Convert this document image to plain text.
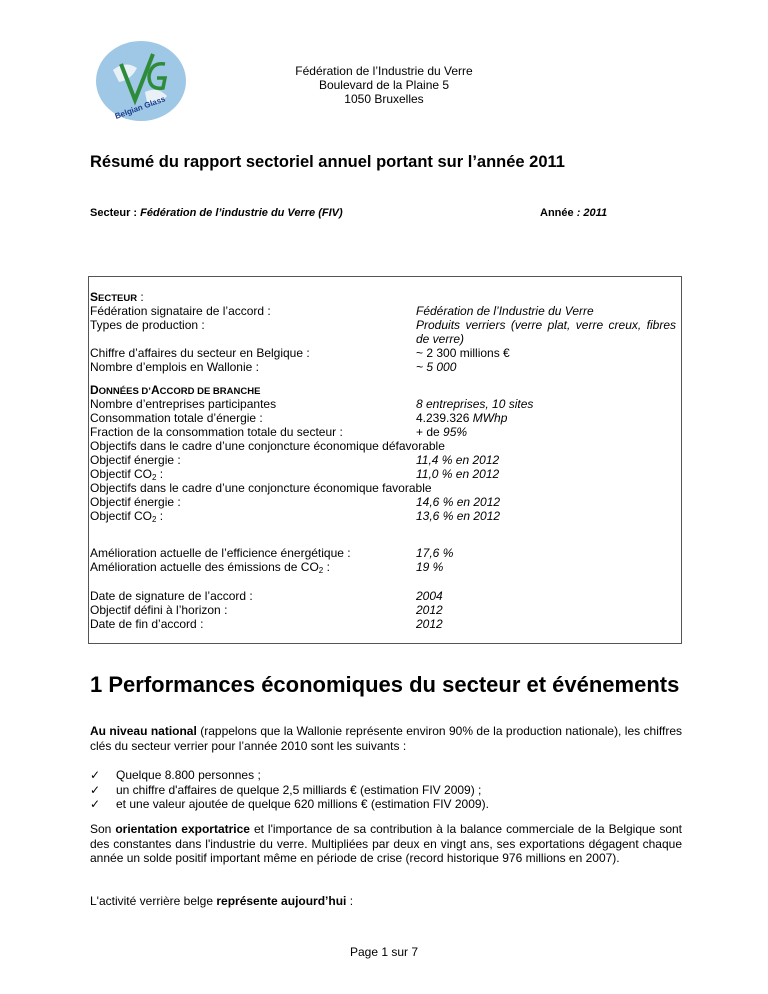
Belgian Glass
Fédération de l’Industrie du Verre
Boulevard de la Plaine 5
1050 Bruxelles
Résumé du rapport sectoriel annuel portant sur l’année 2011
Secteur : Fédération de l’industrie du Verre (FIV)	Année : 2011
SECTEUR :
Fédération signataire de l’accord :	Fédération de l’Industrie du Verre
Types de production :	Produits verriers (verre plat, verre creux, fibres de verre)
Chiffre d’affaires du secteur en Belgique :	~ 2 300 millions €
Nombre d’emplois en Wallonie :	~ 5 000
DONNÉES D’ACCORD DE BRANCHE
Nombre d’entreprises participantes	8 entreprises, 10 sites
Consommation totale d’énergie :	4.239.326 MWhp
Fraction de la consommation totale du secteur :	+ de 95%
Objectifs dans le cadre d’une conjoncture économique défavorable
Objectif énergie :	11,4 % en 2012
Objectif $CO_2$ :	11,0 % en 2012
Objectifs dans le cadre d’une conjoncture économique favorable
Objectif énergie :	14,6 % en 2012
Objectif $CO_2$ :	13,6 % en 2012
Amélioration actuelle de l’efficience énergétique :	17,6 %
Amélioration actuelle des émissions de $CO_2$ :	19 %
Date de signature de l’accord :	2004
Objectif défini à l’horizon :	2012
Date de fin d’accord :	2012
1 Performances économiques du secteur et événements
Au niveau national (rappelons que la Wallonie représente environ 90% de la production nationale), les chiffres clés du secteur verrier pour l’année 2010 sont les suivants :
✓ Quelque 8.800 personnes ;
✓ un chiffre d'affaires de quelque 2,5 milliards € (estimation FIV 2009) ;
✓ et une valeur ajoutée de quelque 620 millions € (estimation FIV 2009).
Son orientation exportatrice et l'importance de sa contribution à la balance commerciale de la Belgique sont des constantes dans l'industrie du verre. Multipliées par deux en vingt ans, ses exportations dégagent chaque année un solde positif important même en période de crise (record historique 976 millions en 2007).
L'activité verrière belge représente aujourd’hui :
Page 1 sur 7
